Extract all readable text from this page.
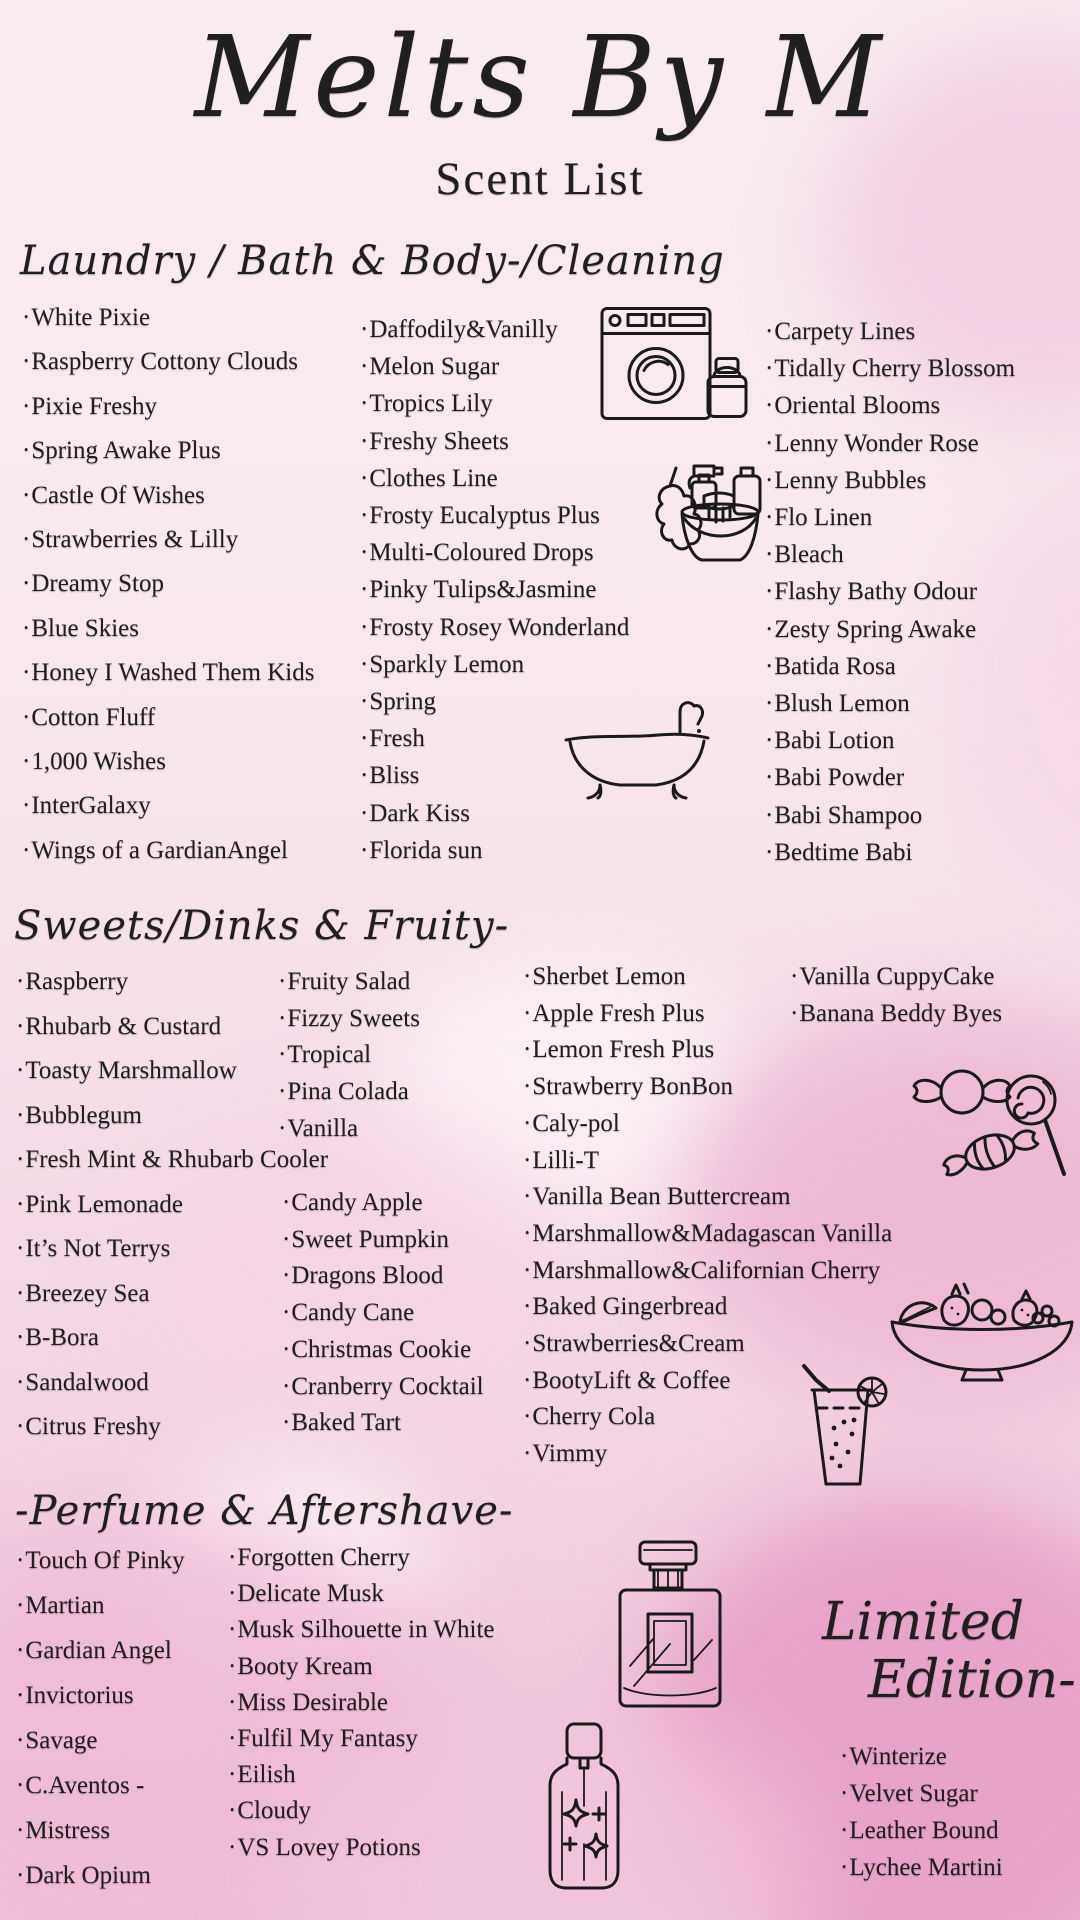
Melts By M
Scent List
Laundry / Bath & Body-/Cleaning
·White Pixie
·Raspberry Cottony Clouds
·Pixie Freshy
·Spring Awake Plus
·Castle Of Wishes
·Strawberries & Lilly
·Dreamy Stop
·Blue Skies
·Honey I Washed Them Kids
·Cotton Fluff
·1,000 Wishes
·InterGalaxy
·Wings of a GardianAngel
·Daffodily&Vanilly
·Melon Sugar
·Tropics Lily
·Freshy Sheets
·Clothes Line
·Frosty Eucalyptus Plus
·Multi-Coloured Drops
·Pinky Tulips&Jasmine
·Frosty Rosey Wonderland
·Sparkly Lemon
·Spring
·Fresh
·Bliss
·Dark Kiss
·Florida sun
·Carpety Lines
·Tidally Cherry Blossom
·Oriental Blooms
·Lenny Wonder Rose
·Lenny Bubbles
·Flo Linen
·Bleach
·Flashy Bathy Odour
·Zesty Spring Awake
·Batida Rosa
·Blush Lemon
·Babi Lotion
·Babi Powder
·Babi Shampoo
·Bedtime Babi
Sweets/Dinks & Fruity-
·Raspberry
·Rhubarb & Custard
·Toasty Marshmallow
·Bubblegum
·Fresh Mint & Rhubarb Cooler
·Pink Lemonade
·It’s Not Terrys
·Breezey Sea
·B-Bora
·Sandalwood
·Citrus Freshy
·Fruity Salad
·Fizzy Sweets
·Tropical
·Pina Colada
·Vanilla
·Candy Apple
·Sweet Pumpkin
·Dragons Blood
·Candy Cane
·Christmas Cookie
·Cranberry Cocktail
·Baked Tart
·Sherbet Lemon
·Apple Fresh Plus
·Lemon Fresh Plus
·Strawberry BonBon
·Caly-pol
·Lilli-T
·Vanilla Bean Buttercream
·Marshmallow&Madagascan Vanilla
·Marshmallow&Californian Cherry
·Baked Gingerbread
·Strawberries&Cream
·BootyLift & Coffee
·Cherry Cola
·Vimmy
·Vanilla CuppyCake
·Banana Beddy Byes
-Perfume & Aftershave-
·Touch Of Pinky
·Martian
·Gardian Angel
·Invictorius
·Savage
·C.Aventos -
·Mistress
·Dark Opium
·Forgotten Cherry
·Delicate Musk
·Musk Silhouette in White
·Booty Kream
·Miss Desirable
·Fulfil My Fantasy
·Eilish
·Cloudy
·VS Lovey Potions
Limited
Edition-
·Winterize
·Velvet Sugar
·Leather Bound
·Lychee Martini
